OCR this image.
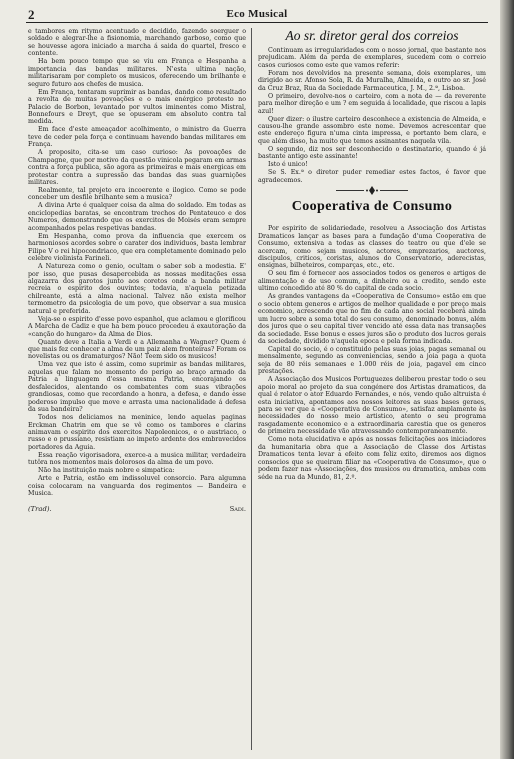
2	Eco Musical

e tambores em ritymo acentuado e decidido, fazendo soerguer o soldado e alegrar-lhe a fisionomia, marchando garboso, como que se houvesse agora iniciado a marcha á saida do quartel, fresco e contente.

Ha bem pouco tempo que se viu em França e Hespanha a importancia das bandas militares. N'esta ultima nação, militarisaram por completo os musicos, oferecendo um brilhante e seguro futuro aos chefes de musica.

Em França, tentaram suprimir as bandas, dando como resultado a revolta de muitas povoações e o mais enérgico protesto no Palacio de Borbon, levantado por vultos iminentes como Mistral, Bonnefours e Dreyt, que se opuseram em absoluto contra tal medida.

Em face d'este ameaçador acolhimento, o ministro da Guerra teve de ceder pela força e continuam havendo bandas militares em França.

A proposito, cita-se um caso curioso: As povoações de Champagne, que por motivo da questão vinicola pegaram em armas contra a força publica, são agora as primeiras e mais energicas em protestar contra a supressão das bandas das suas guarnições militares.

Realmente, tal projeto era incoerente e ilogico. Como se pode conceber um desfile brilhante sem a musica?

A divina Arte é qualquer coisa da alma do soldado. Em todas as enciclopedias baratas, se encontram trechos do Pentateuco e dos Numeros, demonstrando que os exercitos de Moisés eram sempre acompanhados pelas respetivas bandas.

Em Hespanha, como prova da influencia que exercem os harmoniosos acordes sobre o carater dos individuos, basta lembrar Filipe V o rei hipocondriaco, que era completamente dominado pelo celebre violinista Farineli.

A Natureza como o genio, ocultam o saber sob a modestia. E' por isso, que pusas desapercebida as nossas meditações essa algazarra dos garotos junto aos coretos onde a banda militar recreia o espirito dos ouvintes; todavia, n'aquela petizada chilreante, está a alma nacional. Talvez não exista melhor termometro da psicologia de um povo, que observar a sua musica natural e preferida.

Veja-se o espirito d'esse povo espanhol, que aclamou e glorificou A Marcha de Cadiz e que ha bem pouco procedeu á exautoração da «canção do hungaro» da Alma de Dios.

Quanto deve a Italia a Verdi e a Allemanha a Wagner? Quem é que mais fez conhecer a alma de um paiz alem fronteiras? Foram os novelistas ou os dramaturgos? Não! Teem sido os musicos!

Uma vez que isto é assim, como suprimir as bandas militares, aquelas que falam no momento do perigo ao braço armado da Patria a linguagem d'essa mesma Patria, encorajando os desfalecidos, alentando os combatentes com suas vibrações grandiosas, como que recordando a honra, a defesa, e dando esse poderoso impulso que move e arrasta uma nacionalidade á defesa da sua bandeira?

Todos nos deliciamos na meninice, lendo aquelas paginas Erckman Chatrin em que se vê como os tambores e clarins animavam o espirito dos exercitos Napoleonicos, e o austriaco, o russo e o prussiano, resistiam ao impeto ardente dos embravecidos portadores da Aguia.

Essa reação vigorisadora, exerce-a a musica militar, verdadeira tutôra nos momentos mais dolorosos da alma de um povo.

Não ha instituição mais nobre e simpatica:

Arte e Patria, estão em indissoluvel consorcio. Para algumna coisa colocaram na vanguarda dos regimentos — Bandeira e Musica.

(Trad).	Sadi.
Ao sr. diretor geral dos correios

Continuam as irregularidades com o nosso jornal, que bastante nos prejudicam. Além da perda de exemplares, sucedem com o correio casos curiosos como este que vamos referir:

Foram nos devolvidos na presente semana, dois exemplares, um dirigido ao sr. Afonso Sola, R. da Muralha, Almeida, e outro ao sr. José da Cruz Braz, Rua da Sociedade Farmaceutica, J. M., 2.ª, Lisboa.

O primeiro, devolve-nos o carteiro, com a nota de — da reverente para melhor direção e um ? em seguida á localidade, que riscou a lapis azul!

Quer dizer: o ilustre carteiro desconhece a existencia de Almeida, e causou-lhe grande assombro este nome. Devemos acrescentar que este endereço figura n'uma cinta impressa, e portanto bem clara, e que além disso, ha muito que temos assinantes naquela vila.

O segundo, diz nos ser desconhecido o destinatario, quando é já bastante antigo este assinante!

Isto é unico!

Se S. Ex.ª o diretor puder remediar estes factos, é favor que agradecemos.

Cooperativa de Consumo

Por espirito de solidariedade, resolveu a Associação dos Artistas Dramaticos lançar as bases para a fundação d'uma Cooperativa de Consumo, extensiva a todas as classes do teatro ou que d'ele se acercam, como sejam musicos, actores, emprezarios, auctores, discipulos, criticos, coristas, alunos do Conservatorio, aderecistas, ensignas, bilheteiros, comparças, etc., etc.

O seu fim é fornecer aos associados todos os generos e artigos de alimentação e de uso comum, a dinheiro ou a credito, sendo este ultimo concedido até 80 % do capital de cada socio.

As grandes vantagens da «Cooperativa de Consumo» estão em que o socio obtem generos e artigos de melhor qualidade e por preço mais economico, acrescendo que no fim de cada ano social receberá ainda um lucro sobre a soma total do seu consumo, denominado bonus, além dos juros que o seu capital tiver vencido até essa data nas transações da sociedade. Esse bonus e esses juros são o produto dos lucros gerais da sociedade, dividido n'aquela epoca e pela forma indicada.

Capital do socio, é o constituido pelas suas joias, pagas semanal ou mensalmente, segundo as conveniencias, sendo a joia paga a quota seja de 80 réis semanaes e 1.000 réis de joia, pagavel em cinco prestações.

A Associação dos Musicos Portuguezes deliberou prestar todo o seu apoio moral ao projeto da sua congénere dos Artistas dramaticos, da qual é relator o ator Eduardo Fernandes, e nós, vendo quão altruista é esta iniciativa, apontamos aos nossos leitores as suas bases geraes, para se ver que a «Cooperativa de Consumo», satisfaz amplamente às necessidades do nosso meio artistico, atento o seu programa rasgadamente economico e a extraordinaria carestia que os generos de primeira necessidade vão atravessando contemporaneamente.

Como nota elucidativa e após as nossas felicitações aos iniciadores da humanitaria obra que a Associação de Classe dos Artistas Dramaticos tenta levar a efeito com feliz exito, diremos aos dignos consocios que se queiram filiar na «Cooperativa de Consumo», que o podem fazer nas «Associações, dos musicos ou dramatica, ambas com séde na rua da Mundo, 81, 2.º.
